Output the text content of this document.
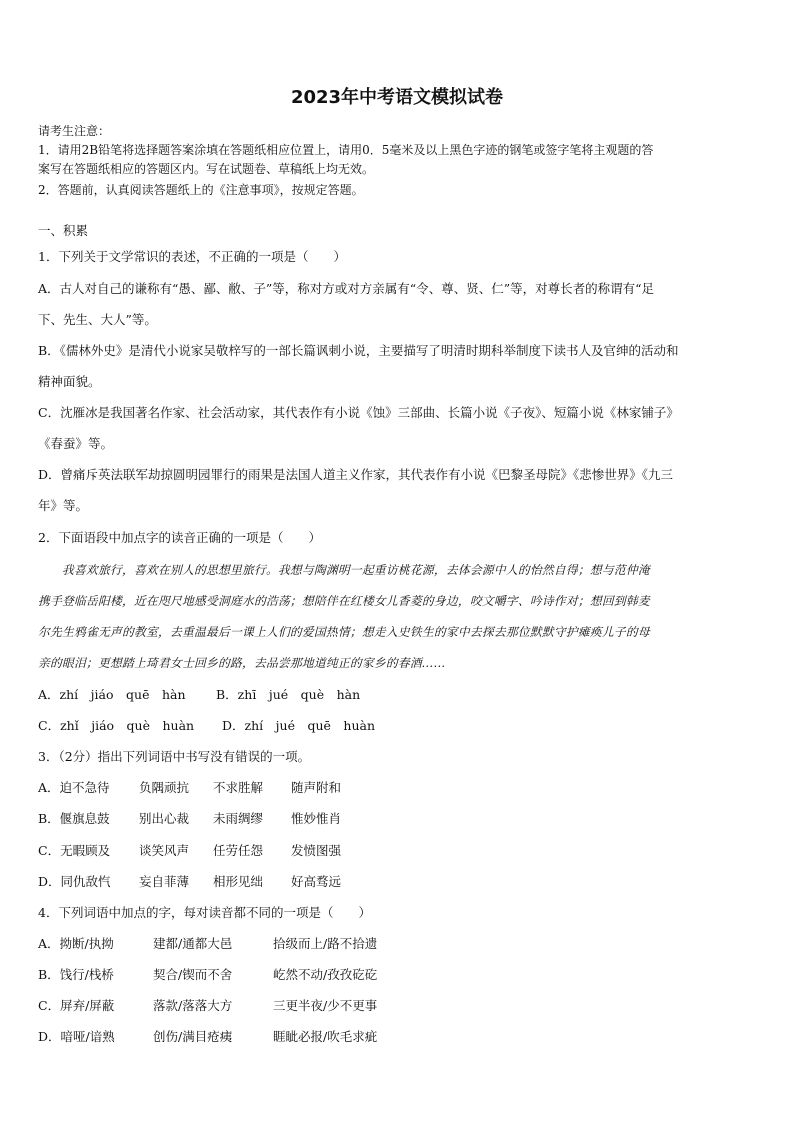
2023年中考语文模拟试卷
请考生注意：
1．请用2B铅笔将选择题答案涂填在答题纸相应位置上，请用0．5毫米及以上黑色字迹的钢笔或签字笔将主观题的答
案写在答题纸相应的答题区内。写在试题卷、草稿纸上均无效。
2．答题前，认真阅读答题纸上的《注意事项》，按规定答题。
一、积累
1．下列关于文学常识的表述，不正确的一项是（　　）
A．古人对自己的谦称有“愚、鄙、敝、子”等，称对方或对方亲属有“令、尊、贤、仁”等，对尊长者的称谓有“足
下、先生、大人”等。
B．《儒林外史》是清代小说家吴敬梓写的一部长篇讽刺小说，主要描写了明清时期科举制度下读书人及官绅的活动和
精神面貌。
C．沈雁冰是我国著名作家、社会活动家，其代表作有小说《蚀》三部曲、长篇小说《子夜》、短篇小说《林家铺子》
《春蚕》等。
D．曾痛斥英法联军劫掠圆明园罪行的雨果是法国人道主义作家，其代表作有小说《巴黎圣母院》《悲惨世界》《九三
年》等。
2．下面语段中加点字的读音正确的一项是（　　）
　　我喜欢旅行，喜欢在别人的思想里旅行。我想与陶渊明一起重访桃花源，去体会源中人的怡然自得；想与范仲淹
携手登临岳阳楼，近在咫尺地感受洞庭水的浩荡；想陪伴在红楼女儿香菱的身边，咬文嚼字、吟诗作对；想回到韩麦
尔先生鸦雀无声的教室，去重温最后一课上人们的爱国热情；想走入史铁生的家中去探去那位默默守护瘫痪儿子的母
亲的眼泪；更想踏上琦君女士回乡的路，去品尝那地道纯正的家乡的春酒……
A．zhí　jiáo　quē　hàn B．zhī　jué　què　hàn
C．zhǐ　jiáo　què　huàn D．zhí　jué　quē　huàn
3．（2分）指出下列词语中书写没有错误的一项。
A．迫不急待 负隅顽抗 不求胜解 随声附和
B．偃旗息鼓 别出心裁 未雨绸缪 惟妙惟肖
C．无暇顾及 谈笑风声 任劳任怨 发愤图强
D．同仇敌忾 妄自菲薄 相形见绌 好高骛远
4．下列词语中加点的字，每对读音都不同的一项是（　　）
A．拗断/执拗	建都/通都大邑	拾级而上/路不拾遗
B．饯行/栈桥	契合/锲而不舍	屹然不动/孜孜矻矻
C．屏弃/屏蔽	落款/落落大方	三更半夜/少不更事
D．喑哑/谙熟	创伤/满目疮痍	睚眦必报/吹毛求疵
